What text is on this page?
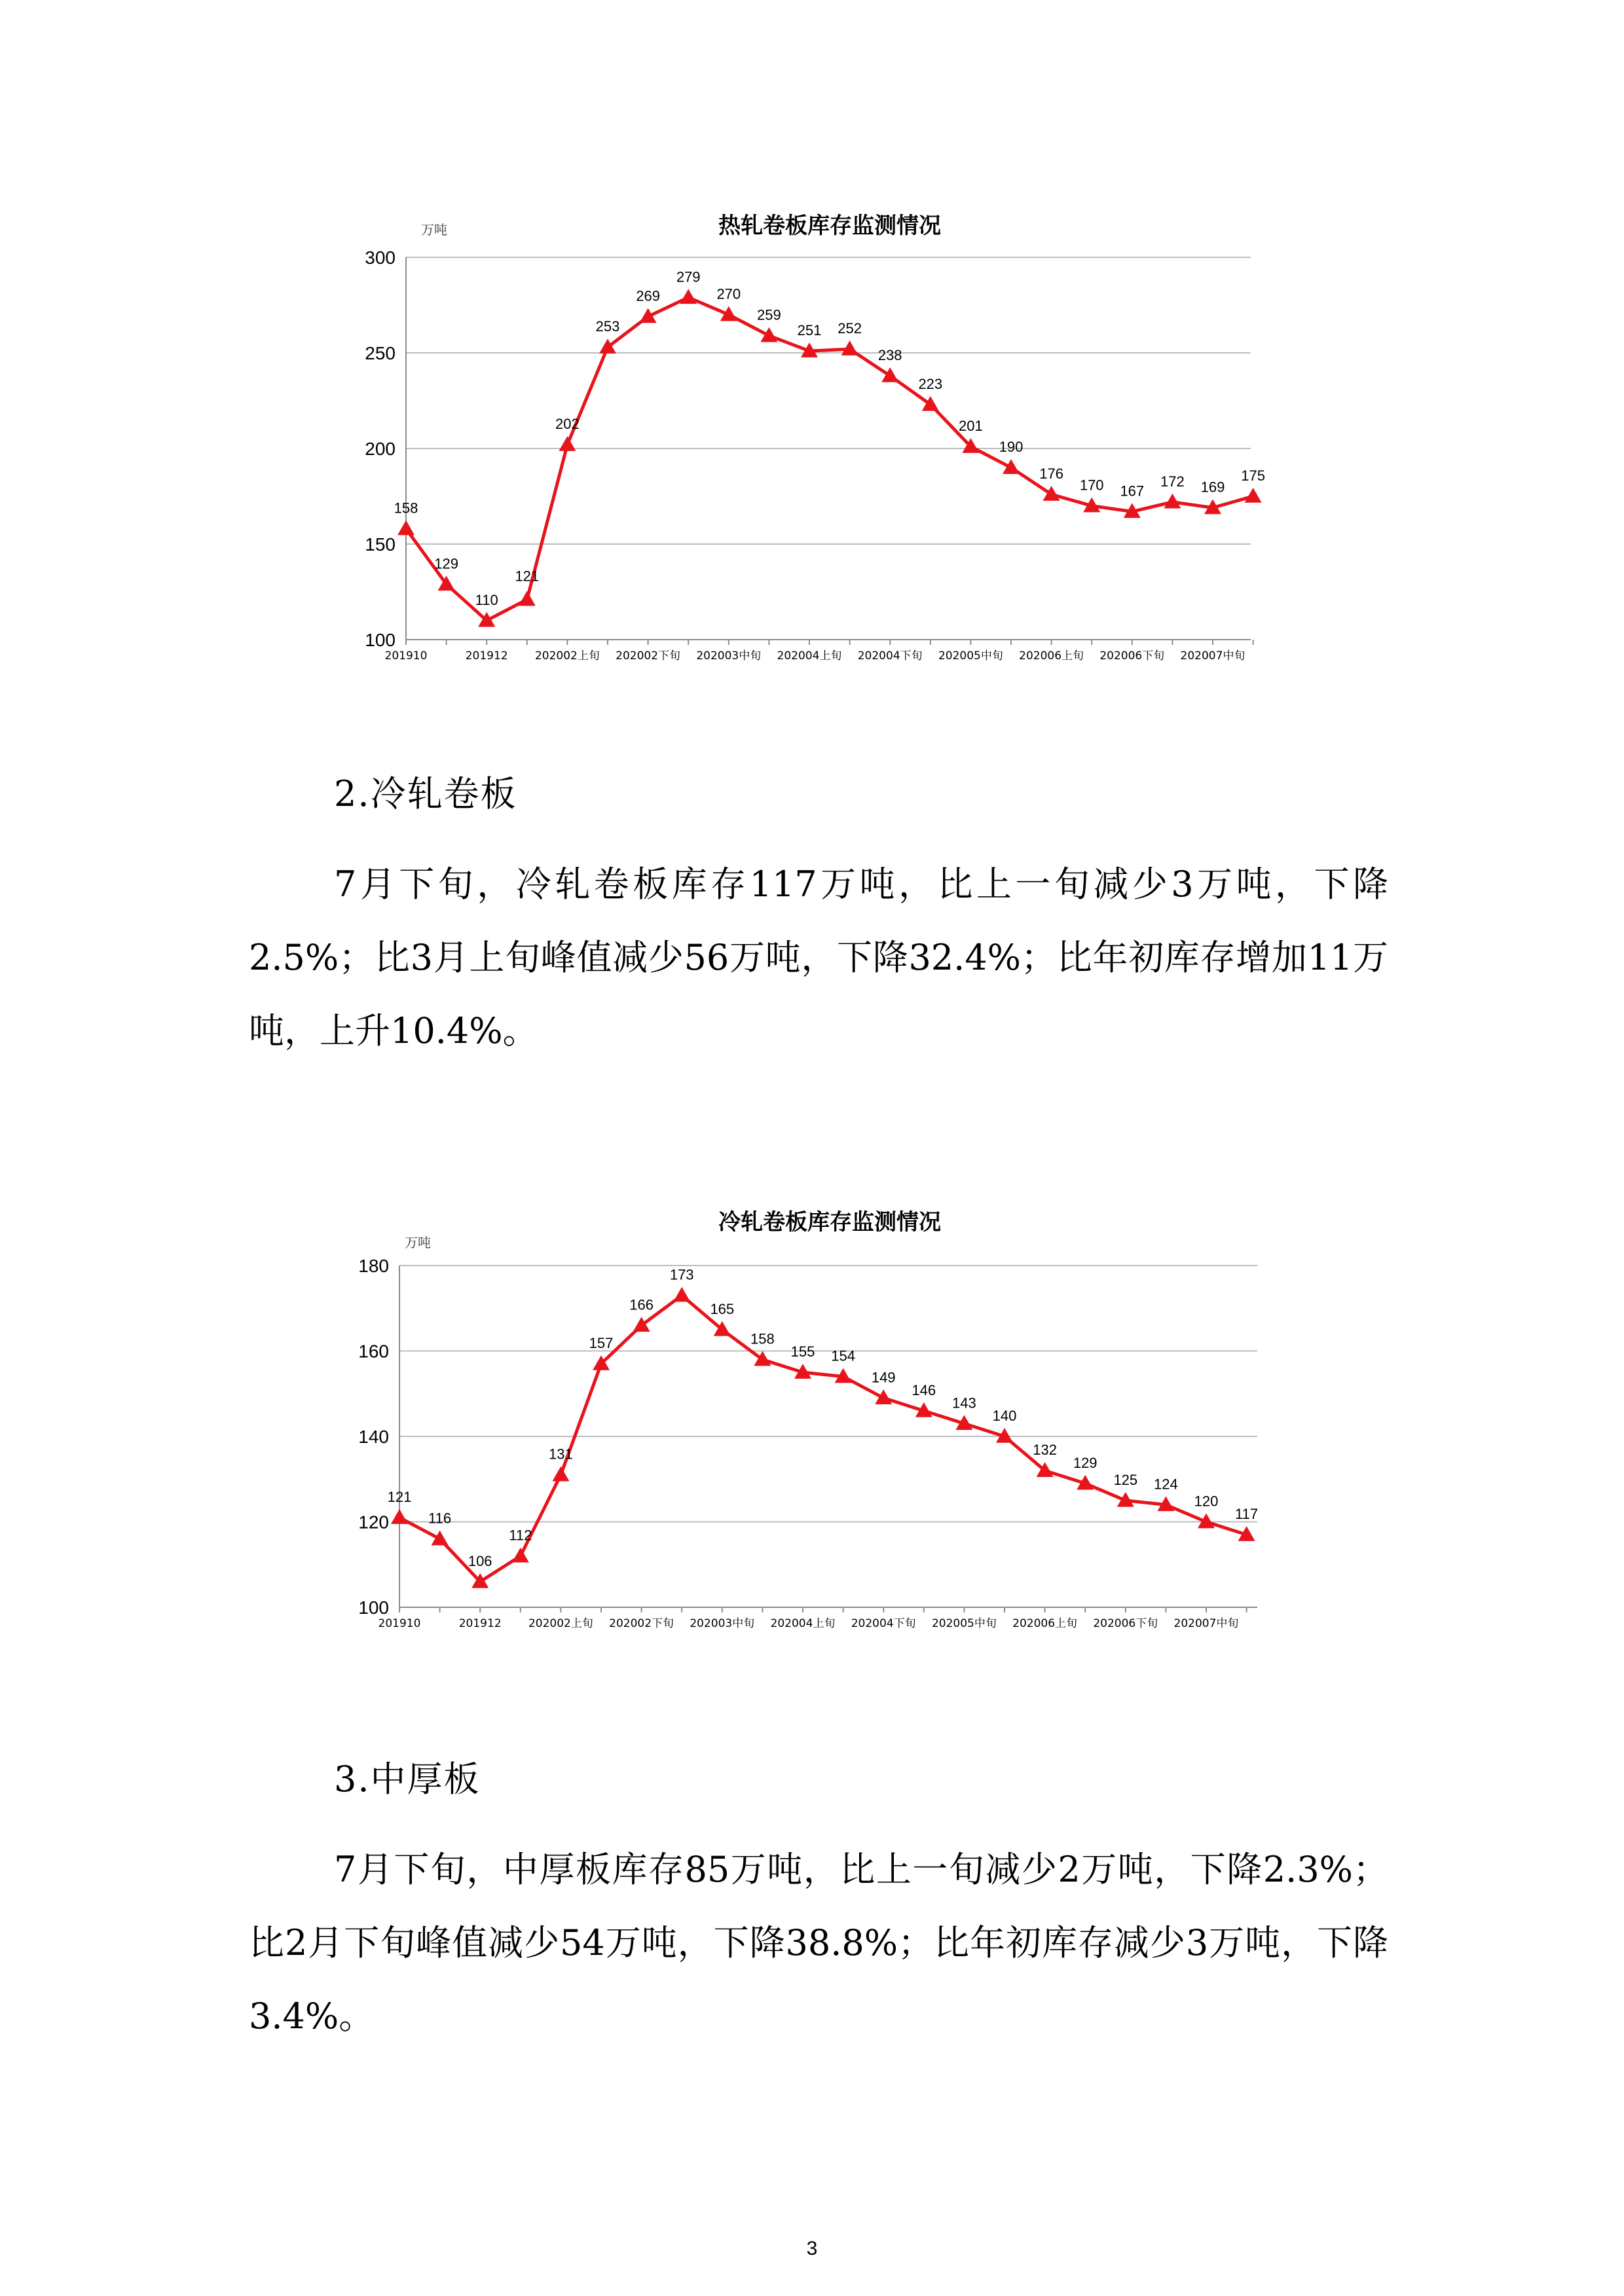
热轧卷板库存监测情况
万吨
100
150
200
250
300
201910	201912 202002上旬 202002下旬 202003中旬 202004上旬 202004下旬 202005中旬 202006上旬 202006下旬 202007中旬
158
129
110
121
202
253
269
279
270
259
251 252
238
223
201
190
176
170 167
172 169
175
2.冷轧卷板

7月下旬，冷轧卷板库存117万吨，比上一旬减少3万吨，下降2.5%；比3月上旬峰值减少56万吨，下降32.4%；比年初库存增加11万吨，上升10.4%。

冷轧卷板库存监测情况
万吨
100
120
140
160
180
201910	201912 202002上旬 202002下旬 202003中旬 202004上旬 202004下旬 202005中旬 202006上旬 202006下旬 202007中旬
121
116
106
112
131
157
166
173
165
158
155 154
149
146
143
140
132
129
125 124
120
117
3.中厚板

7月下旬，中厚板库存85万吨，比上一旬减少2万吨，下降2.3%；比2月下旬峰值减少54万吨，下降38.8%；比年初库存减少3万吨，下降3.4%。

3
